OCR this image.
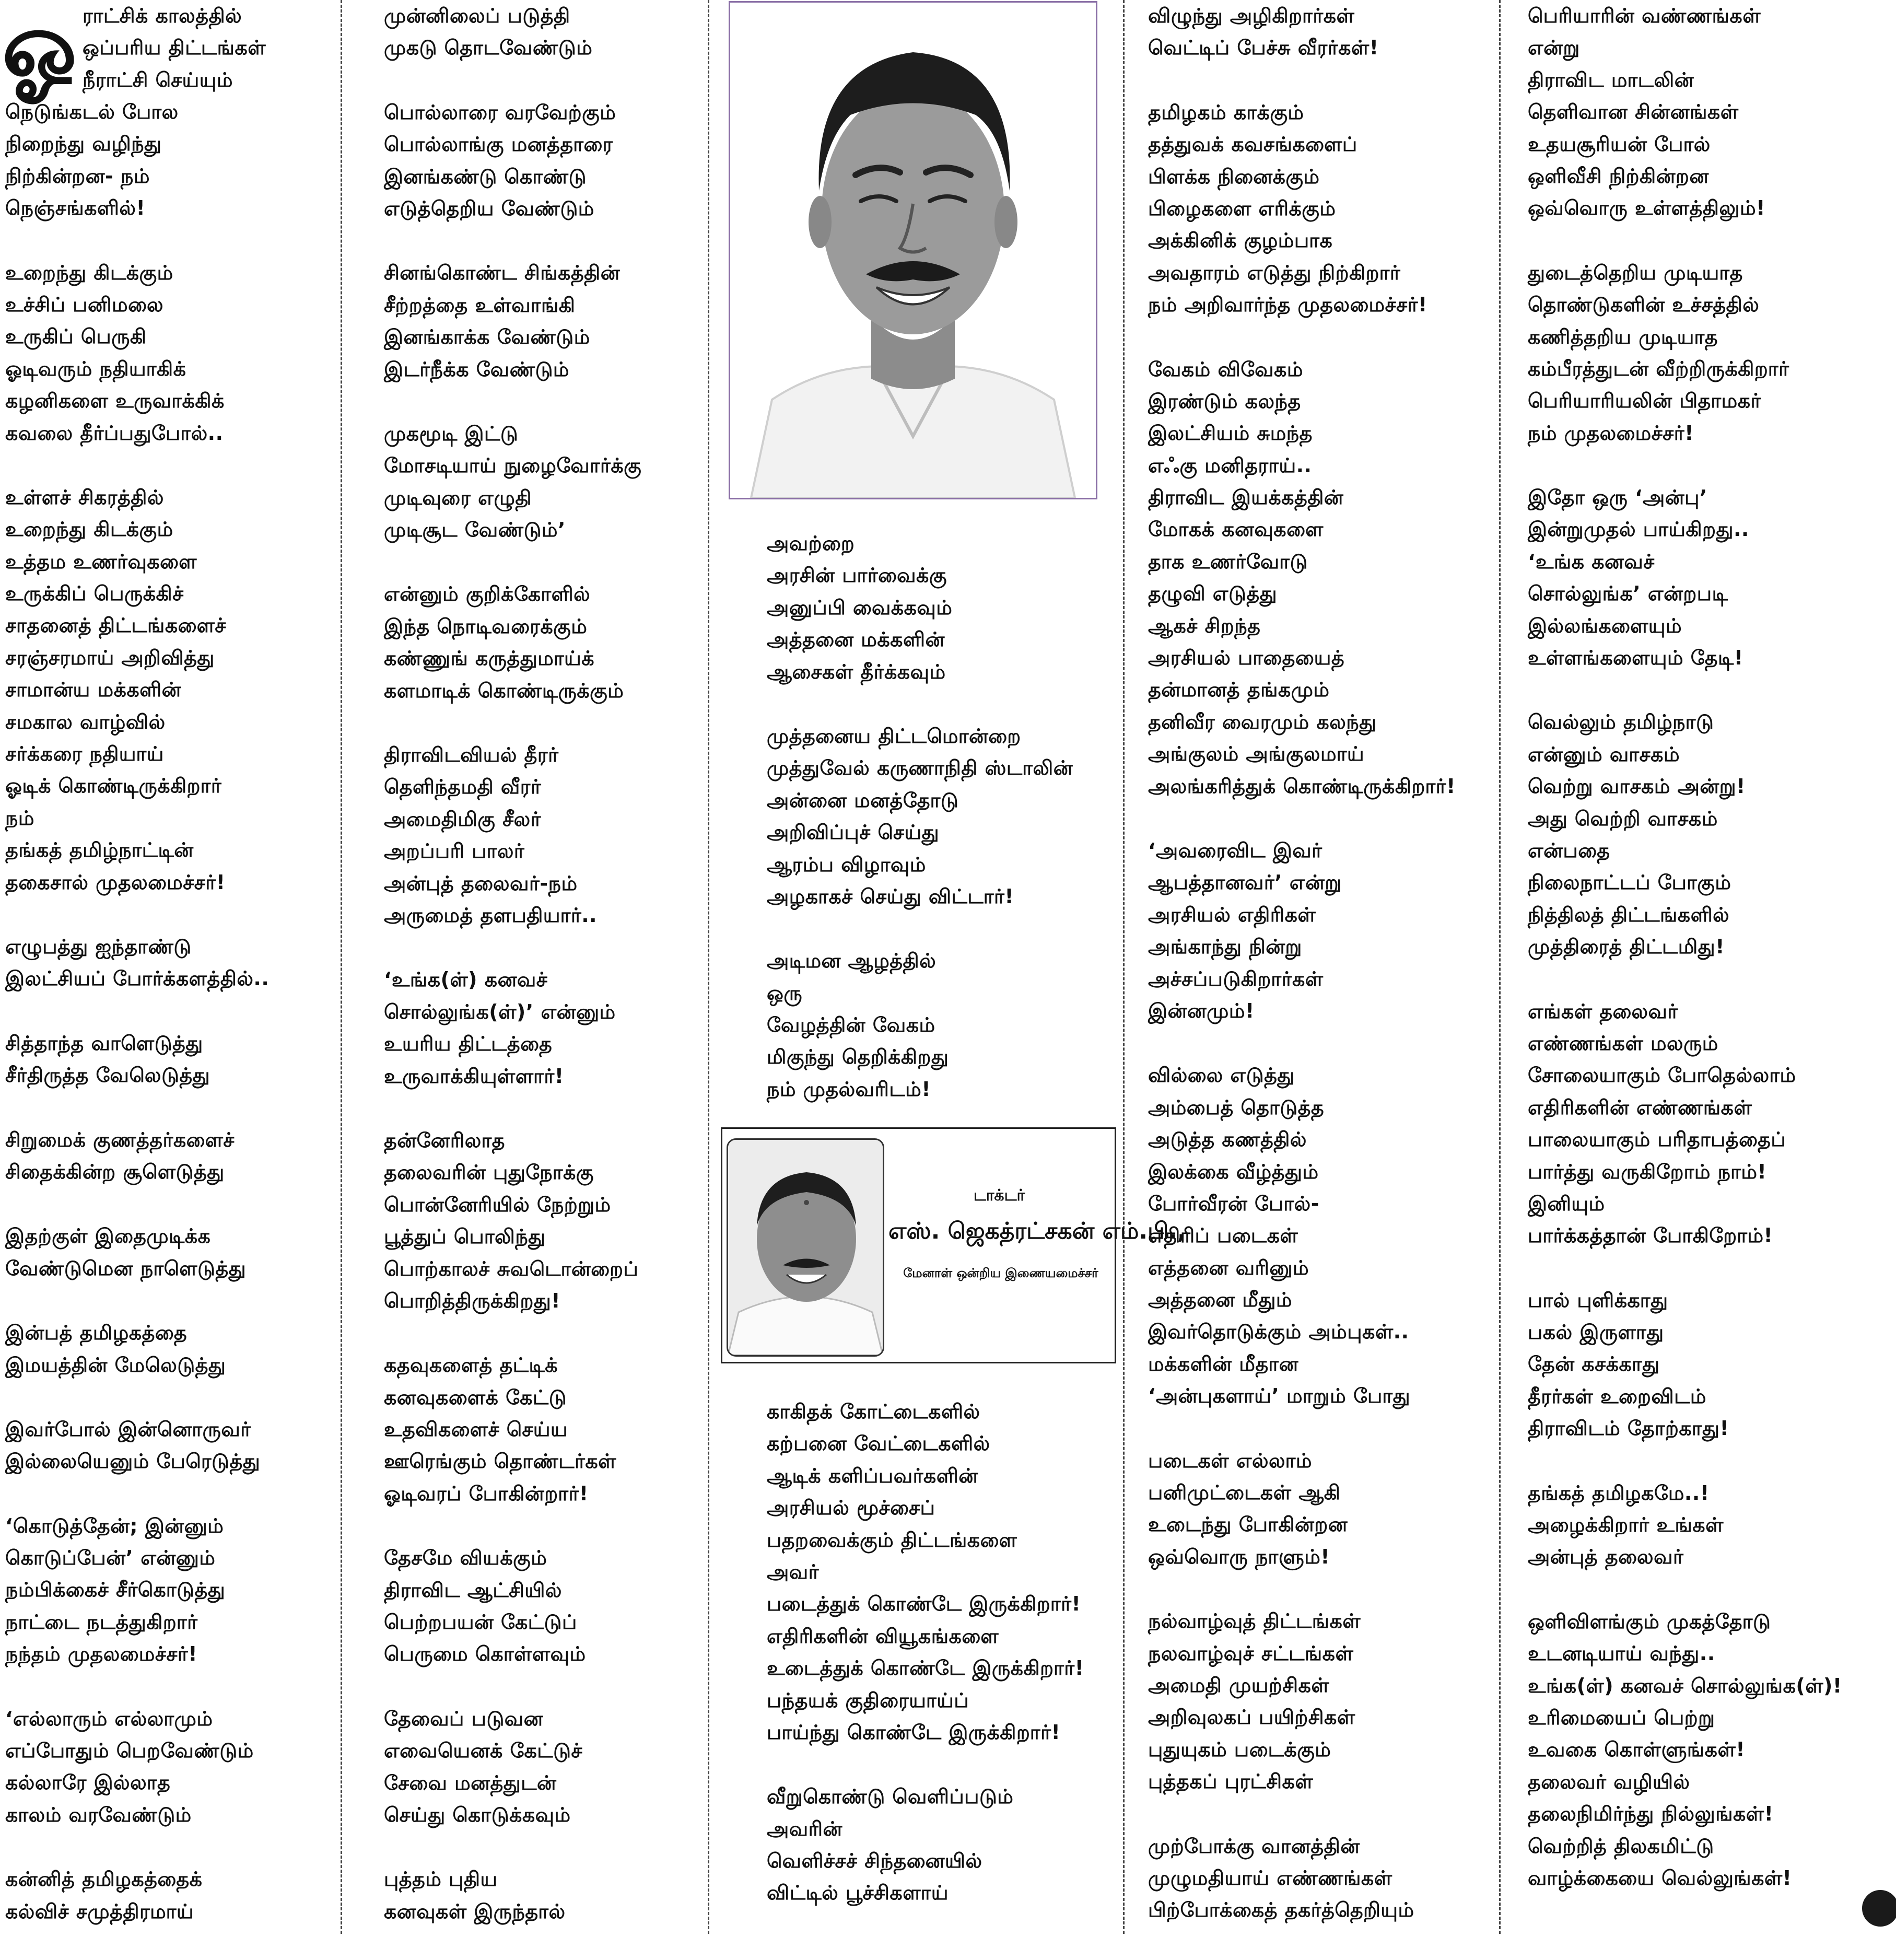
ஓ ராட்சிக் காலத்தில்
ஒப்பரிய திட்டங்கள்
நீராட்சி செய்யும்
நெடுங்கடல் போல
நிறைந்து வழிந்து
நிற்கின்றன- நம்
நெஞ்சங்களில்!
உறைந்து கிடக்கும்
உச்சிப் பனிமலை
உருகிப் பெருகி
ஓடிவரும் நதியாகிக்
கழனிகளை உருவாக்கிக்
கவலை தீர்ப்பதுபோல்..
உள்ளச் சிகரத்தில்
உறைந்து கிடக்கும்
உத்தம உணர்வுகளை
உருக்கிப் பெருக்கிச்
சாதனைத் திட்டங்களைச்
சரஞ்சரமாய் அறிவித்து
சாமான்ய மக்களின்
சமகால வாழ்வில்
சர்க்கரை நதியாய்
ஓடிக் கொண்டிருக்கிறார்
நம்
தங்கத் தமிழ்நாட்டின்
தகைசால் முதலமைச்சர்!
எழுபத்து ஐந்தாண்டு
இலட்சியப் போர்க்களத்தில்..
சித்தாந்த வாளெடுத்து
சீர்திருத்த வேலெடுத்து
சிறுமைக் குணத்தர்களைச்
சிதைக்கின்ற சூளெடுத்து
இதற்குள் இதைமுடிக்க
வேண்டுமென நாளெடுத்து
இன்பத் தமிழகத்தை
இமயத்தின் மேலெடுத்து
இவர்போல் இன்னொருவர்
இல்லையெனும் பேரெடுத்து
‘கொடுத்தேன்; இன்னும்
கொடுப்பேன்’ என்னும்
நம்பிக்கைச் சீர்கொடுத்து
நாட்டை நடத்துகிறார்
நந்தம் முதலமைச்சர்!
‘எல்லாரும் எல்லாமும்
எப்போதும் பெறவேண்டும்
கல்லாரே இல்லாத
காலம் வரவேண்டும்
கன்னித் தமிழகத்தைக்
கல்விச் சமுத்திரமாய்
முன்னிலைப் படுத்தி
முகடு தொடவேண்டும்
பொல்லாரை வரவேற்கும்
பொல்லாங்கு மனத்தாரை
இனங்கண்டு கொண்டு
எடுத்தெறிய வேண்டும்
சினங்கொண்ட சிங்கத்தின்
சீற்றத்தை உள்வாங்கி
இனங்காக்க வேண்டும்
இடர்நீக்க வேண்டும்
முகமூடி இட்டு
மோசடியாய் நுழைவோர்க்கு
முடிவுரை எழுதி
முடிசூட வேண்டும்’
என்னும் குறிக்கோளில்
இந்த நொடிவரைக்கும்
கண்ணுங் கருத்துமாய்க்
களமாடிக் கொண்டிருக்கும்
திராவிடவியல் தீரர்
தெளிந்தமதி வீரர்
அமைதிமிகு சீலர்
அறப்பரி பாலர்
அன்புத் தலைவர்-நம்
அருமைத் தளபதியார்..
‘உங்க(ள்) கனவச்
சொல்லுங்க(ள்)’ என்னும்
உயரிய திட்டத்தை
உருவாக்கியுள்ளார்!
தன்னேரிலாத
தலைவரின் புதுநோக்கு
பொன்னேரியில் நேற்றும்
பூத்துப் பொலிந்து
பொற்காலச் சுவடொன்றைப்
பொறித்திருக்கிறது!
கதவுகளைத் தட்டிக்
கனவுகளைக் கேட்டு
உதவிகளைச் செய்ய
ஊரெங்கும் தொண்டர்கள்
ஓடிவரப் போகின்றார்!
தேசமே வியக்கும்
திராவிட ஆட்சியில்
பெற்றபயன் கேட்டுப்
பெருமை கொள்ளவும்
தேவைப் படுவன
எவையெனக் கேட்டுச்
சேவை மனத்துடன்
செய்து கொடுக்கவும்
புத்தம் புதிய
கனவுகள் இருந்தால்
அவற்றை
அரசின் பார்வைக்கு
அனுப்பி வைக்கவும்
அத்தனை மக்களின்
ஆசைகள் தீர்க்கவும்
முத்தனைய திட்டமொன்றை
முத்துவேல் கருணாநிதி ஸ்டாலின்
அன்னை மனத்தோடு
அறிவிப்புச் செய்து
ஆரம்ப விழாவும்
அழகாகச் செய்து விட்டார்!
அடிமன ஆழத்தில்
ஒரு
வேழத்தின் வேகம்
மிகுந்து தெறிக்கிறது
நம் முதல்வரிடம்!
டாக்டர்
எஸ். ஜெகத்ரட்சகன் எம்.பி.,
மேனாள் ஒன்றிய இணையமைச்சர்
காகிதக் கோட்டைகளில்
கற்பனை வேட்டைகளில்
ஆடிக் களிப்பவர்களின்
அரசியல் மூச்சைப்
பதறவைக்கும் திட்டங்களை
அவர்
படைத்துக் கொண்டே இருக்கிறார்!
எதிரிகளின் வியூகங்களை
உடைத்துக் கொண்டே இருக்கிறார்!
பந்தயக் குதிரையாய்ப்
பாய்ந்து கொண்டே இருக்கிறார்!
வீறுகொண்டு வெளிப்படும்
அவரின்
வெளிச்சச் சிந்தனையில்
விட்டில் பூச்சிகளாய்
விழுந்து அழிகிறார்கள்
வெட்டிப் பேச்சு வீரர்கள்!
தமிழகம் காக்கும்
தத்துவக் கவசங்களைப்
பிளக்க நினைக்கும்
பிழைகளை எரிக்கும்
அக்கினிக் குழம்பாக
அவதாரம் எடுத்து நிற்கிறார்
நம் அறிவார்ந்த முதலமைச்சர்!
வேகம் விவேகம்
இரண்டும் கலந்த
இலட்சியம் சுமந்த
எஃகு மனிதராய்..
திராவிட இயக்கத்தின்
மோகக் கனவுகளை
தாக உணர்வோடு
தழுவி எடுத்து
ஆகச் சிறந்த
அரசியல் பாதையைத்
தன்மானத் தங்கமும்
தனிவீர வைரமும் கலந்து
அங்குலம் அங்குலமாய்
அலங்கரித்துக் கொண்டிருக்கிறார்!
‘அவரைவிட இவர்
ஆபத்தானவர்’ என்று
அரசியல் எதிரிகள்
அங்காந்து நின்று
அச்சப்படுகிறார்கள்
இன்னமும்!
வில்லை எடுத்து
அம்பைத் தொடுத்த
அடுத்த கணத்தில்
இலக்கை வீழ்த்தும்
போர்வீரன் போல்-
எதிரிப் படைகள்
எத்தனை வரினும்
அத்தனை மீதும்
இவர்தொடுக்கும் அம்புகள்..
மக்களின் மீதான
‘அன்புகளாய்’ மாறும் போது
படைகள் எல்லாம்
பனிமுட்டைகள் ஆகி
உடைந்து போகின்றன
ஒவ்வொரு நாளும்!
நல்வாழ்வுத் திட்டங்கள்
நலவாழ்வுச் சட்டங்கள்
அமைதி முயற்சிகள்
அறிவுலகப் பயிற்சிகள்
புதுயுகம் படைக்கும்
புத்தகப் புரட்சிகள்
முற்போக்கு வானத்தின்
முழுமதியாய் எண்ணங்கள்
பிற்போக்கைத் தகர்த்தெறியும்
பெரியாரின் வண்ணங்கள்
என்று
திராவிட மாடலின்
தெளிவான சின்னங்கள்
உதயசூரியன் போல்
ஒளிவீசி நிற்கின்றன
ஒவ்வொரு உள்ளத்திலும்!
துடைத்தெறிய முடியாத
தொண்டுகளின் உச்சத்தில்
கணித்தறிய முடியாத
கம்பீரத்துடன் வீற்றிருக்கிறார்
பெரியாரியலின் பிதாமகர்
நம் முதலமைச்சர்!
இதோ ஒரு ‘அன்பு’
இன்றுமுதல் பாய்கிறது..
‘உங்க கனவச்
சொல்லுங்க’ என்றபடி
இல்லங்களையும்
உள்ளங்களையும் தேடி!
வெல்லும் தமிழ்நாடு
என்னும் வாசகம்
வெற்று வாசகம் அன்று!
அது வெற்றி வாசகம்
என்பதை
நிலைநாட்டப் போகும்
நித்திலத் திட்டங்களில்
முத்திரைத் திட்டமிது!
எங்கள் தலைவர்
எண்ணங்கள் மலரும்
சோலையாகும் போதெல்லாம்
எதிரிகளின் எண்ணங்கள்
பாலையாகும் பரிதாபத்தைப்
பார்த்து வருகிறோம் நாம்!
இனியும்
பார்க்கத்தான் போகிறோம்!
பால் புளிக்காது
பகல் இருளாது
தேன் கசக்காது
தீரர்கள் உறைவிடம்
திராவிடம் தோற்காது!
தங்கத் தமிழகமே..!
அழைக்கிறார் உங்கள்
அன்புத் தலைவர்
ஒளிவிளங்கும் முகத்தோடு
உடனடியாய் வந்து..
உங்க(ள்) கனவச் சொல்லுங்க(ள்)!
உரிமையைப் பெற்று
உவகை கொள்ளுங்கள்!
தலைவர் வழியில்
தலைநிமிர்ந்து நில்லுங்கள்!
வெற்றித் திலகமிட்டு
வாழ்க்கையை வெல்லுங்கள்!
